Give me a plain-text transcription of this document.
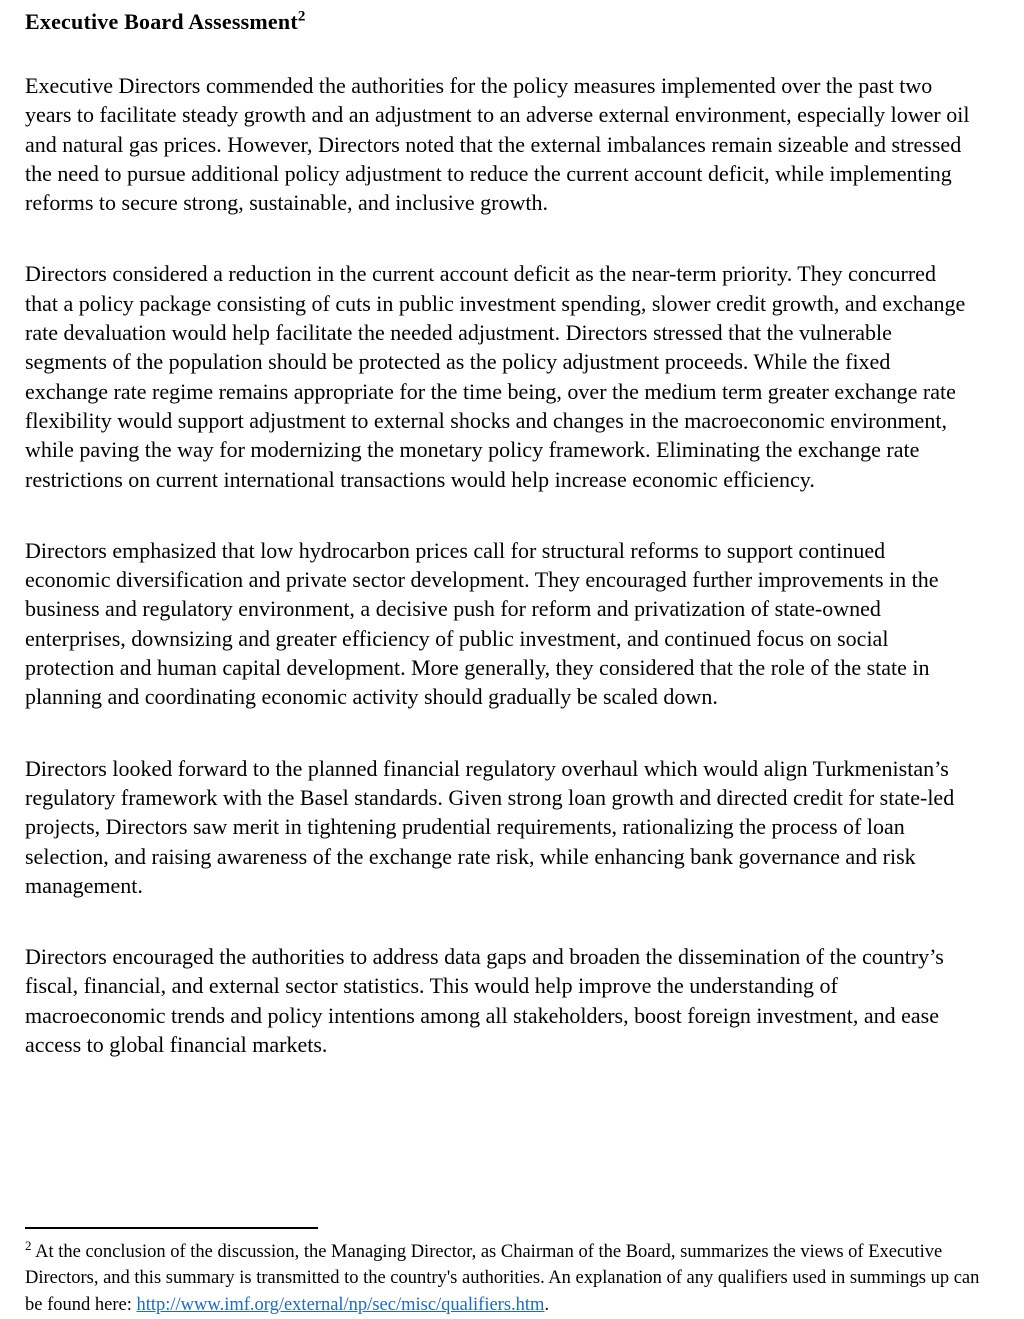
Executive Board Assessment$^2$

Executive Directors commended the authorities for the policy measures implemented over the past two years to facilitate steady growth and an adjustment to an adverse external environment, especially lower oil and natural gas prices. However, Directors noted that the external imbalances remain sizeable and stressed the need to pursue additional policy adjustment to reduce the current account deficit, while implementing reforms to secure strong, sustainable, and inclusive growth.

Directors considered a reduction in the current account deficit as the near-term priority. They concurred that a policy package consisting of cuts in public investment spending, slower credit growth, and exchange rate devaluation would help facilitate the needed adjustment. Directors stressed that the vulnerable segments of the population should be protected as the policy adjustment proceeds. While the fixed exchange rate regime remains appropriate for the time being, over the medium term greater exchange rate flexibility would support adjustment to external shocks and changes in the macroeconomic environment, while paving the way for modernizing the monetary policy framework. Eliminating the exchange rate restrictions on current international transactions would help increase economic efficiency.

Directors emphasized that low hydrocarbon prices call for structural reforms to support continued economic diversification and private sector development. They encouraged further improvements in the business and regulatory environment, a decisive push for reform and privatization of state-owned enterprises, downsizing and greater efficiency of public investment, and continued focus on social protection and human capital development. More generally, they considered that the role of the state in planning and coordinating economic activity should gradually be scaled down.

Directors looked forward to the planned financial regulatory overhaul which would align Turkmenistan’s regulatory framework with the Basel standards. Given strong loan growth and directed credit for state-led projects, Directors saw merit in tightening prudential requirements, rationalizing the process of loan selection, and raising awareness of the exchange rate risk, while enhancing bank governance and risk management.

Directors encouraged the authorities to address data gaps and broaden the dissemination of the country’s fiscal, financial, and external sector statistics. This would help improve the understanding of macroeconomic trends and policy intentions among all stakeholders, boost foreign investment, and ease access to global financial markets.

$^2$ At the conclusion of the discussion, the Managing Director, as Chairman of the Board, summarizes the views of Executive Directors, and this summary is transmitted to the country's authorities. An explanation of any qualifiers used in summings up can be found here: http://www.imf.org/external/np/sec/misc/qualifiers.htm.
